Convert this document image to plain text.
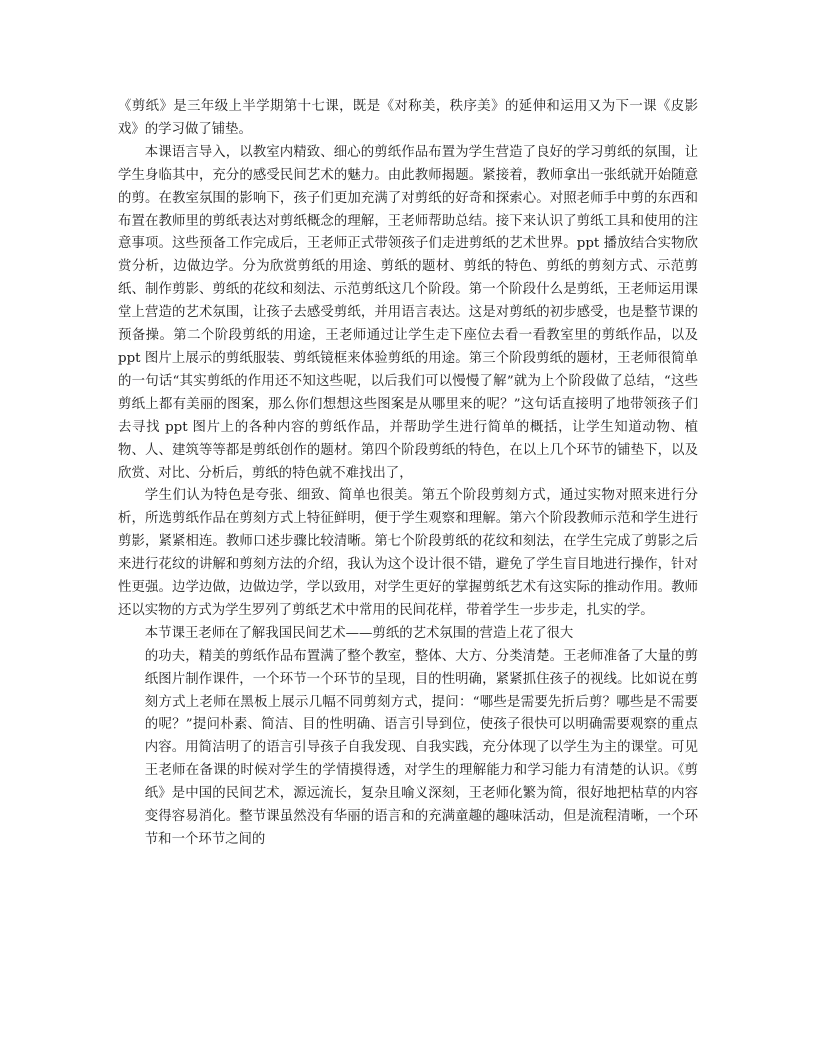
《剪纸》是三年级上半学期第十七课，既是《对称美，秩序美》的延伸和运用又为下一课《皮影戏》的学习做了铺垫。

本课语言导入，以教室内精致、细心的剪纸作品布置为学生营造了良好的学习剪纸的氛围，让学生身临其中，充分的感受民间艺术的魅力。由此教师揭题。紧接着，教师拿出一张纸就开始随意的剪。在教室氛围的影响下，孩子们更加充满了对剪纸的好奇和探索心。对照老师手中剪的东西和布置在教师里的剪纸表达对剪纸概念的理解，王老师帮助总结。接下来认识了剪纸工具和使用的注意事项。这些预备工作完成后，王老师正式带领孩子们走进剪纸的艺术世界。ppt 播放结合实物欣赏分析，边做边学。分为欣赏剪纸的用途、剪纸的题材、剪纸的特色、剪纸的剪刻方式、示范剪纸、制作剪影、剪纸的花纹和刻法、示范剪纸这几个阶段。第一个阶段什么是剪纸，王老师运用课堂上营造的艺术氛围，让孩子去感受剪纸，并用语言表达。这是对剪纸的初步感受，也是整节课的预备操。第二个阶段剪纸的用途，王老师通过让学生走下座位去看一看教室里的剪纸作品，以及 ppt 图片上展示的剪纸服装、剪纸镜框来体验剪纸的用途。第三个阶段剪纸的题材，王老师很简单的一句话“其实剪纸的作用还不知这些呢，以后我们可以慢慢了解”就为上个阶段做了总结，“这些剪纸上都有美丽的图案，那么你们想想这些图案是从哪里来的呢？”这句话直接明了地带领孩子们去寻找 ppt 图片上的各种内容的剪纸作品，并帮助学生进行简单的概括，让学生知道动物、植物、人、建筑等等都是剪纸创作的题材。第四个阶段剪纸的特色，在以上几个环节的铺垫下，以及欣赏、对比、分析后，剪纸的特色就不难找出了，

学生们认为特色是夸张、细致、简单也很美。第五个阶段剪刻方式，通过实物对照来进行分析，所选剪纸作品在剪刻方式上特征鲜明，便于学生观察和理解。第六个阶段教师示范和学生进行剪影，紧紧相连。教师口述步骤比较清晰。第七个阶段剪纸的花纹和刻法，在学生完成了剪影之后来进行花纹的讲解和剪刻方法的介绍，我认为这个设计很不错，避免了学生盲目地进行操作，针对性更强。边学边做，边做边学，学以致用，对学生更好的掌握剪纸艺术有这实际的推动作用。教师还以实物的方式为学生罗列了剪纸艺术中常用的民间花样，带着学生一步步走，扎实的学。

本节课王老师在了解我国民间艺术——剪纸的艺术氛围的营造上花了很大

的功夫，精美的剪纸作品布置满了整个教室，整体、大方、分类清楚。王老师准备了大量的剪纸图片制作课件，一个环节一个环节的呈现，目的性明确，紧紧抓住孩子的视线。比如说在剪刻方式上老师在黑板上展示几幅不同剪刻方式，提问：“哪些是需要先折后剪？哪些是不需要的呢？”提问朴素、简洁、目的性明确、语言引导到位，使孩子很快可以明确需要观察的重点内容。用简洁明了的语言引导孩子自我发现、自我实践，充分体现了以学生为主的课堂。可见王老师在备课的时候对学生的学情摸得透，对学生的理解能力和学习能力有清楚的认识。《剪纸》是中国的民间艺术，源远流长，复杂且喻义深刻，王老师化繁为简，很好地把枯草的内容变得容易消化。整节课虽然没有华丽的语言和的充满童趣的趣味活动，但是流程清晰，一个环节和一个环节之间的
